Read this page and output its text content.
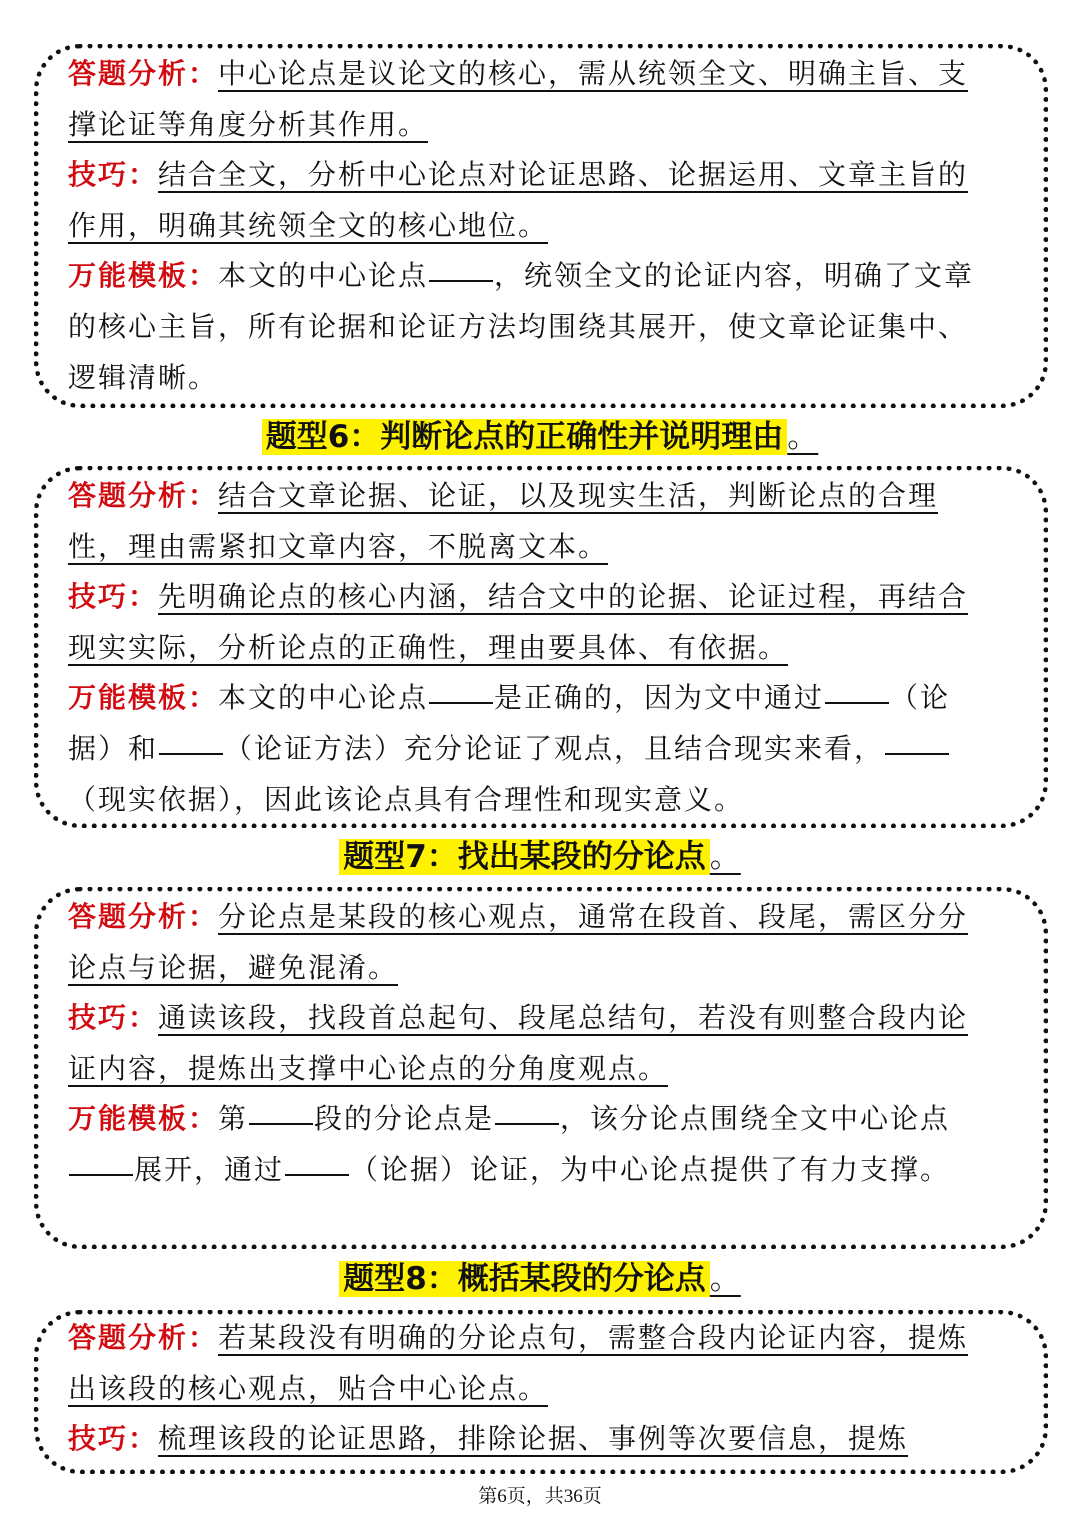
答题分析：中心论点是议论文的核心，需从统领全文、明确主旨、支撑论证等角度分析其作用。

技巧：结合全文，分析中心论点对论证思路、论据运用、文章主旨的作用，明确其统领全文的核心地位。

万能模板：本文的中心论点 ，统领全文的论证内容，明确了文章的核心主旨，所有论据和论证方法均围绕其展开，使文章论证集中、逻辑清晰。

题型6：判断论点的正确性并说明理由 。

答题分析：结合文章论据、论证，以及现实生活，判断论点的合理性，理由需紧扣文章内容，不脱离文本。

技巧：先明确论点的核心内涵，结合文中的论据、论证过程，再结合现实实际，分析论点的正确性，理由要具体、有依据。

万能模板：本文的中心论点 是正确的，因为文中通过 （论据）和 （论证方法）充分论证了观点，且结合现实来看，（现实依据），因此该论点具有合理性和现实意义。

题型7：找出某段的分论点 。

答题分析：分论点是某段的核心观点，通常在段首、段尾，需区分分论点与论据，避免混淆。

技巧：通读该段，找段首总起句、段尾总结句，若没有则整合段内论证内容，提炼出支撑中心论点的分角度观点。

万能模板：第 段的分论点是 ，该分论点围绕全文中心论点展开，通过 （论据）论证，为中心论点提供了有力支撑。

题型8：概括某段的分论点 。

答题分析：若某段没有明确的分论点句，需整合段内论证内容，提炼出该段的核心观点，贴合中心论点。

技巧：梳理该段的论证思路，排除论据、事例等次要信息，提炼

第6页，共36页
